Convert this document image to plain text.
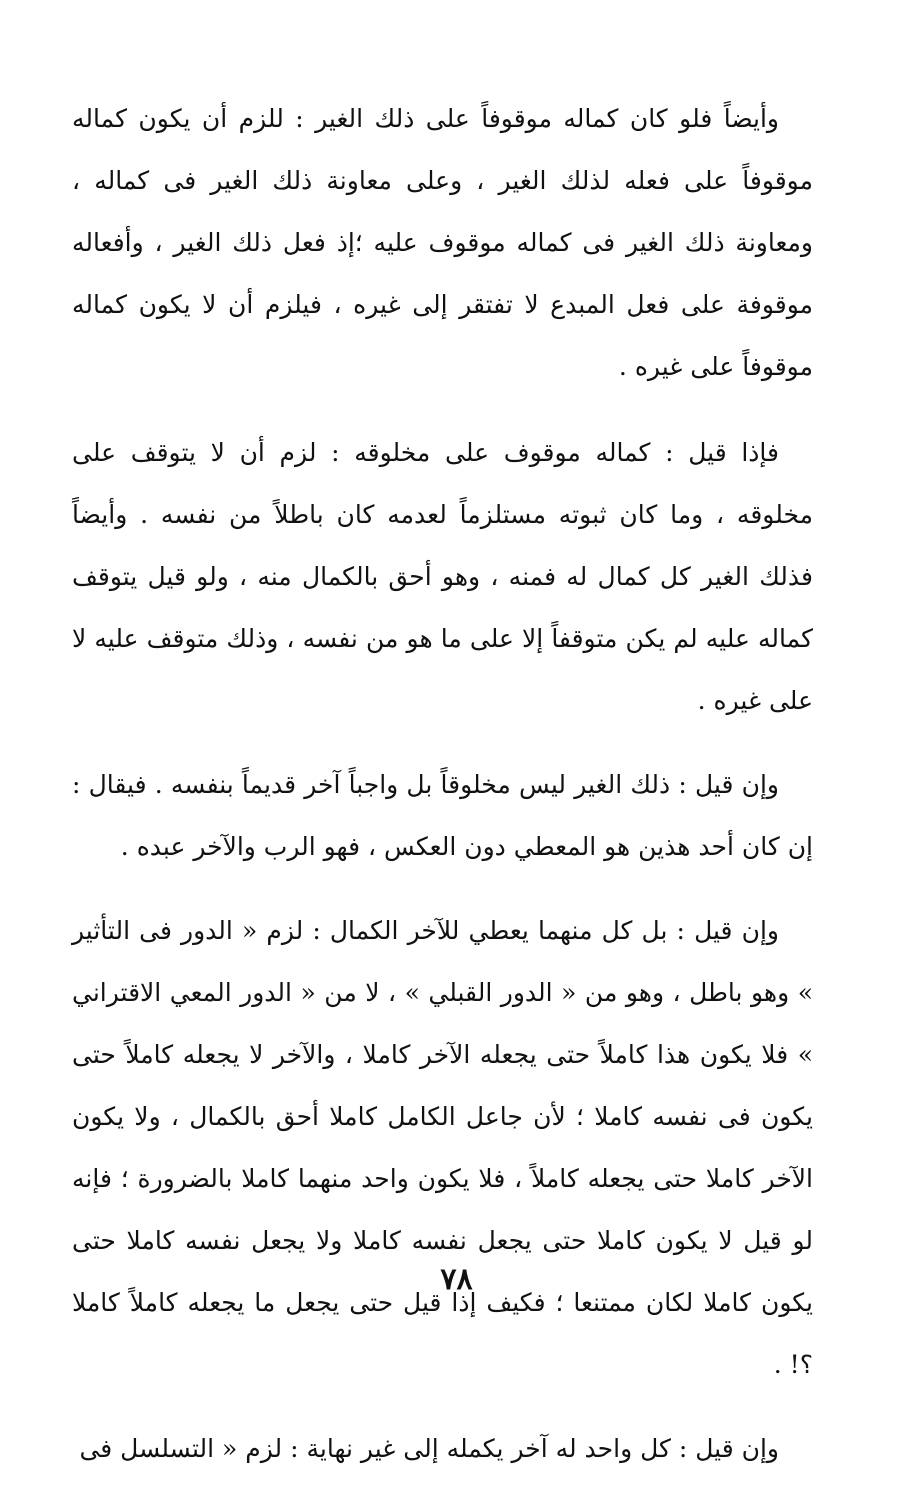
وأيضاً فلو كان كماله موقوفاً على ذلك الغير : للزم أن يكون كماله موقوفاً على فعله لذلك الغير ، وعلى معاونة ذلك الغير فى كماله ، ومعاونة ذلك الغير فى كماله موقوف عليه ؛إذ فعل ذلك الغير ، وأفعاله موقوفة على فعل المبدع لا تفتقر إلى غيره ، فيلزم أن لا يكون كماله موقوفاً على غيره .

فإذا قيل : كماله موقوف على مخلوقه : لزم أن لا يتوقف على مخلوقه ، وما كان ثبوته مستلزماً لعدمه كان باطلاً من نفسه . وأيضاً فذلك الغير كل كمال له فمنه ، وهو أحق بالكمال منه ، ولو قيل يتوقف كماله عليه لم يكن متوقفاً إلا على ما هو من نفسه ، وذلك متوقف عليه لا على غيره .

وإن قيل : ذلك الغير ليس مخلوقاً بل واجباً آخر قديماً بنفسه . فيقال : إن كان أحد هذين هو المعطي دون العكس ، فهو الرب والآخر عبده .

وإن قيل : بل كل منهما يعطي للآخر الكمال : لزم « الدور فى التأثير » وهو باطل ، وهو من « الدور القبلي » ، لا من « الدور المعي الاقتراني » فلا يكون هذا كاملاً حتى يجعله الآخر كاملا ، والآخر لا يجعله كاملاً حتى يكون فى نفسه كاملا ؛ لأن جاعل الكامل كاملا أحق بالكمال ، ولا يكون الآخر كاملا حتى يجعله كاملاً ، فلا يكون واحد منهما كاملا بالضرورة ؛ فإنه لو قيل لا يكون كاملا حتى يجعل نفسه كاملا ولا يجعل نفسه كاملا حتى يكون كاملا لكان ممتنعا ؛ فكيف إذا قيل حتى يجعل ما يجعله كاملاً كاملا ؟! .

وإن قيل : كل واحد له آخر يكمله إلى غير نهاية : لزم « التسلسل فى

٧٨
